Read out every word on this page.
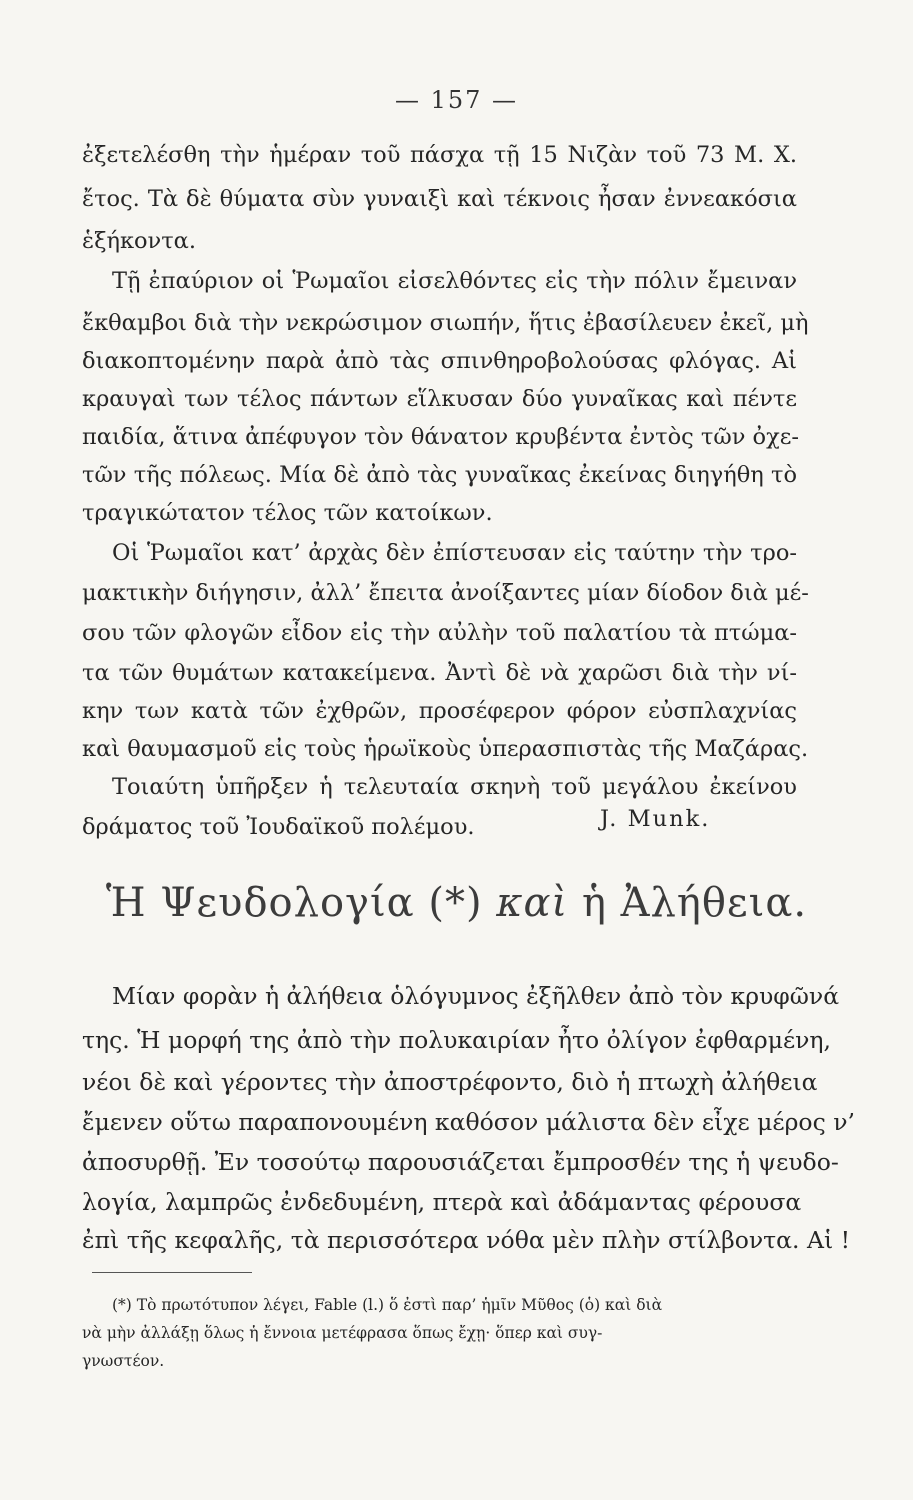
— 157 —
ἐξετελέσθη τὴν ἡμέραν τοῦ πάσχα τῇ 15 Νιζὰν τοῦ 73 Μ. Χ.
ἔτος. Τὰ δὲ θύματα σὺν γυναιξὶ καὶ τέκνοις ἦσαν ἐννεακόσια
ἑξήκοντα.
Τῇ ἐπαύριον οἱ Ῥωμαῖοι εἰσελθόντες εἰς τὴν πόλιν ἔμειναν
ἔκθαμβοι διὰ τὴν νεκρώσιμον σιωπήν, ἥτις ἐβασίλευεν ἐκεῖ, μὴ
διακοπτομένην παρὰ ἀπὸ τὰς σπινθηροβολούσας φλόγας. Αἱ
κραυγαὶ των τέλος πάντων εἵλκυσαν δύο γυναῖκας καὶ πέντε
παιδία, ἅτινα ἀπέφυγον τὸν θάνατον κρυβέντα ἐντὸς τῶν ὀχε-
τῶν τῆς πόλεως. Μία δὲ ἀπὸ τὰς γυναῖκας ἐκείνας διηγήθη τὸ
τραγικώτατον τέλος τῶν κατοίκων.
Οἱ Ῥωμαῖοι κατ’ ἀρχὰς δὲν ἐπίστευσαν εἰς ταύτην τὴν τρο-
μακτικὴν διήγησιν, ἀλλ’ ἔπειτα ἀνοίξαντες μίαν δίοδον διὰ μέ-
σου τῶν φλογῶν εἶδον εἰς τὴν αὐλὴν τοῦ παλατίου τὰ πτώμα-
τα τῶν θυμάτων κατακείμενα. Ἀντὶ δὲ νὰ χαρῶσι διὰ τὴν νί-
κην των κατὰ τῶν ἐχθρῶν, προσέφερον φόρον εὐσπλαχνίας
καὶ θαυμασμοῦ εἰς τοὺς ἡρωϊκοὺς ὑπερασπιστὰς τῆς Μαζάρας.
Τοιαύτη ὑπῆρξεν ἡ τελευταία σκηνὴ τοῦ μεγάλου ἐκείνου
δράματος τοῦ Ἰουδαϊκοῦ πολέμου.	J. Munk.
Ἡ Ψευδολογία (*) καὶ ἡ Ἀλήθεια.
Μίαν φορὰν ἡ ἀλήθεια ὁλόγυμνος ἐξῆλθεν ἀπὸ τὸν κρυφῶνά
της. Ἡ μορφή της ἀπὸ τὴν πολυκαιρίαν ἦτο ὀλίγον ἐφθαρμένη,
νέοι δὲ καὶ γέροντες τὴν ἀποστρέφοντο, διὸ ἡ πτωχὴ ἀλήθεια
ἔμενεν οὕτω παραπονουμένη καθόσον μάλιστα δὲν εἶχε μέρος ν’
ἀποσυρθῇ. Ἐν τοσούτῳ παρουσιάζεται ἔμπροσθέν της ἡ ψευδο-
λογία, λαμπρῶς ἐνδεδυμένη, πτερὰ καὶ ἀδάμαντας φέρουσα
ἐπὶ τῆς κεφαλῆς, τὰ περισσότερα νόθα μὲν πλὴν στίλβοντα. Αἱ !
(*) Τὸ πρωτότυπον λέγει, Fable (l.) ὅ ἐστὶ παρ’ ἡμῖν Μῦθος (ὁ) καὶ διὰ
νὰ μὴν ἀλλάξῃ ὅλως ἡ ἔννοια μετέφρασα ὅπως ἔχῃ· ὅπερ καὶ συγ-
γνωστέον.
